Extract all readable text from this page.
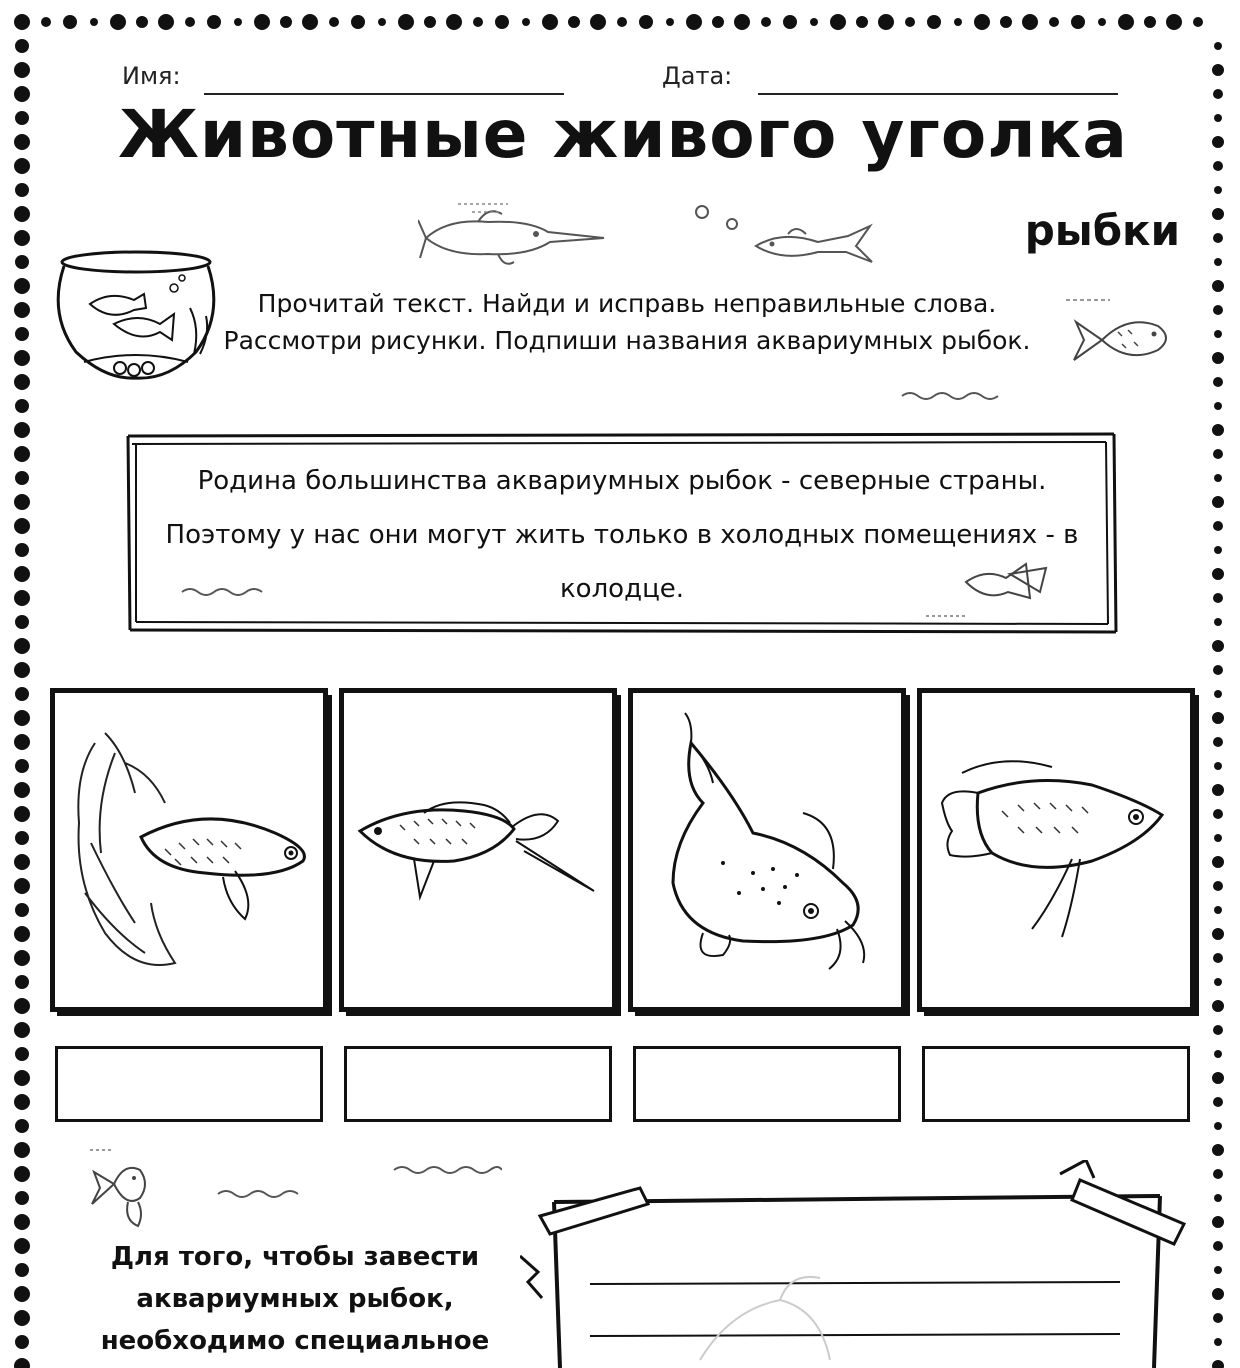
Имя:	Дата:
Животные живого уголка
рыбки
Прочитай текст. Найди и исправь неправильные слова. Рассмотри рисунки. Подпиши названия аквариумных рыбок.
Родина большинства аквариумных рыбок - северные страны. Поэтому у нас они могут жить только в холодных помещениях - в колодце.
Для того, чтобы завести аквариумных рыбок, необходимо специальное
